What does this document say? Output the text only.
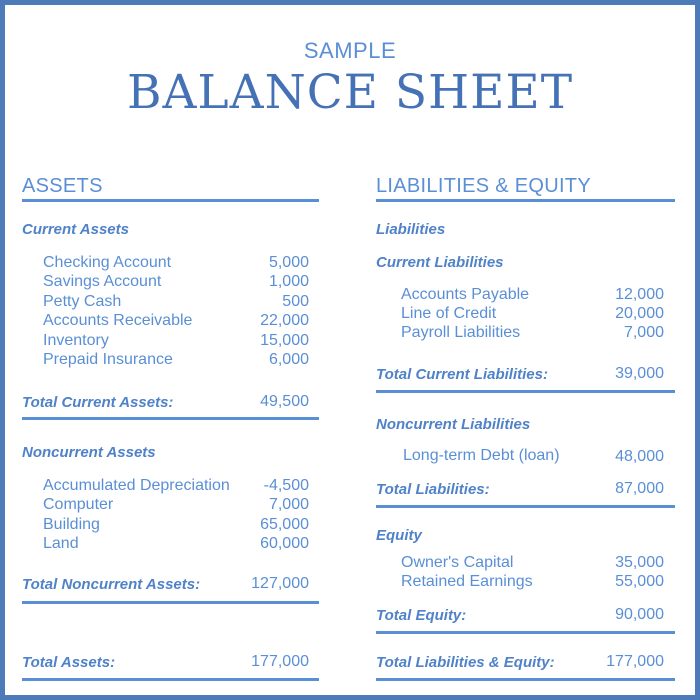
SAMPLE
BALANCE SHEET
ASSETS
Current Assets
Checking Account	5,000
Savings Account	1,000
Petty Cash	500
Accounts Receivable	22,000
Inventory	15,000
Prepaid Insurance	6,000
Total Current Assets:	49,500
Noncurrent Assets
Accumulated Depreciation -4,500
Computer	7,000
Building	65,000
Land	60,000
Total Noncurrent Assets:	127,000
Total Assets:	177,000
LIABILITIES & EQUITY
Liabilities
Current Liabilities
Accounts Payable	12,000
Line of Credit	20,000
Payroll Liabilities	7,000
Total Current Liabilities:	39,000
Noncurrent Liabilities
Long-term Debt (loan)	48,000
Total Liabilities:	87,000
Equity
Owner's Capital	35,000
Retained Earnings	55,000
Total Equity:	90,000
Total Liabilities & Equity:	177,000
